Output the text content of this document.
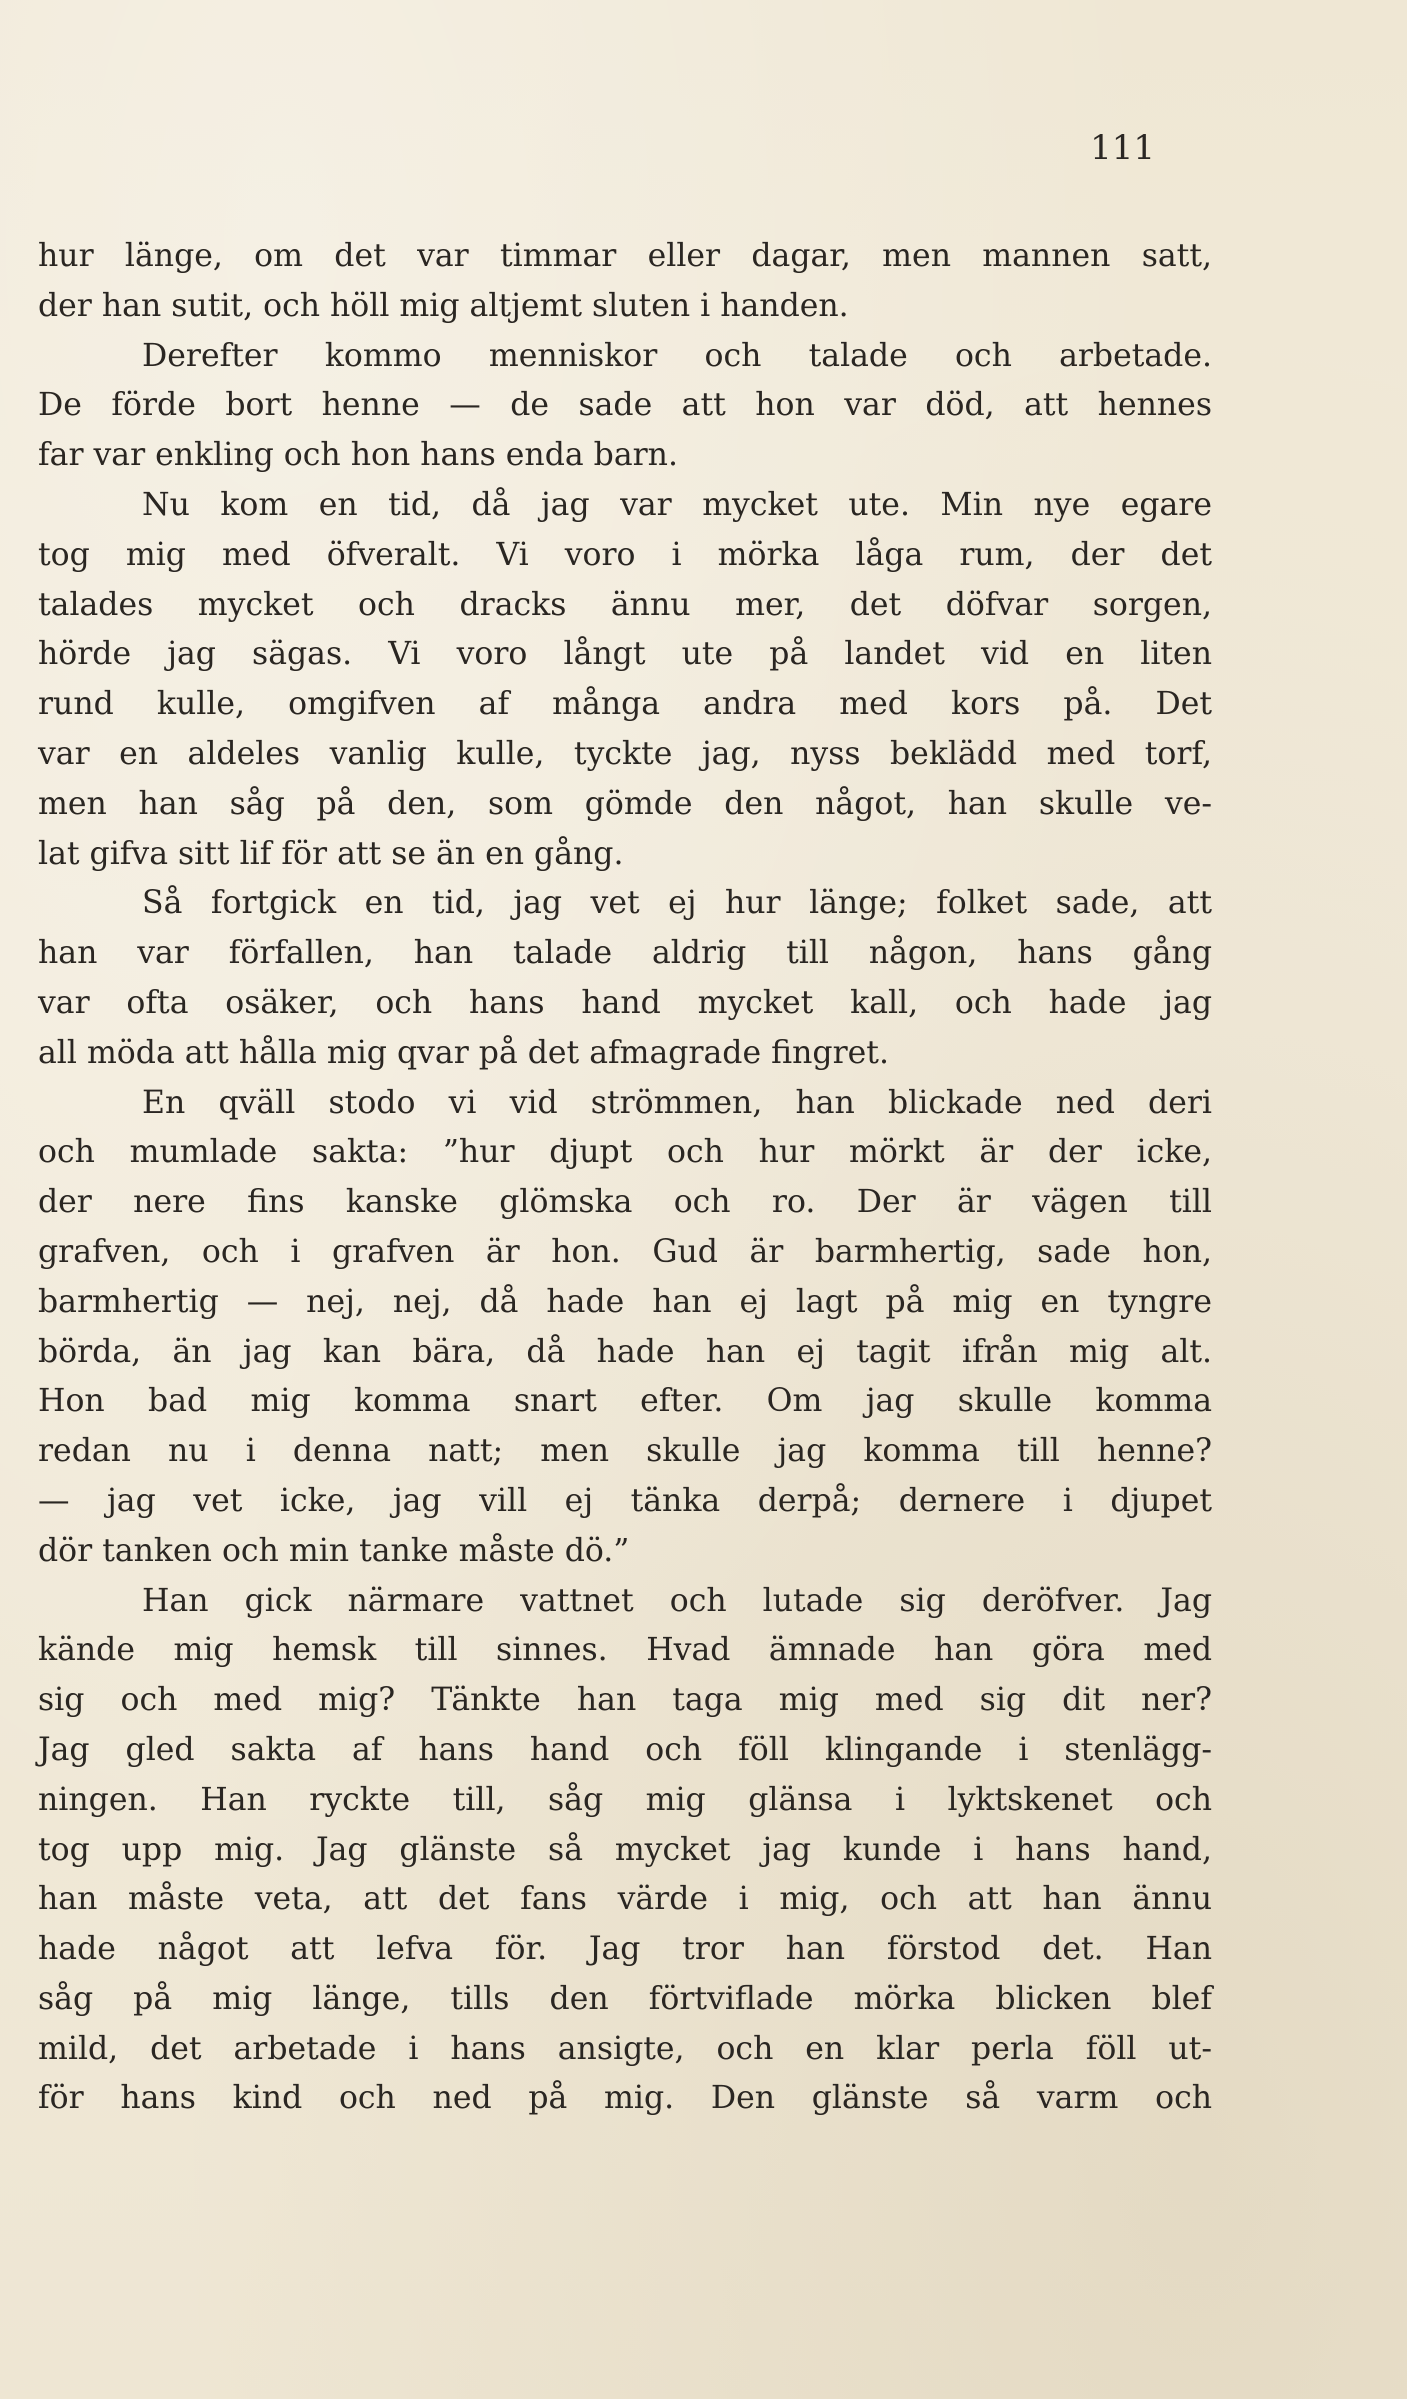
111
hur länge, om det var timmar eller dagar, men mannen satt,
der han sutit, och höll mig altjemt sluten i handen.
Derefter kommo menniskor och talade och arbetade.
De förde bort henne — de sade att hon var död, att hennes
far var enkling och hon hans enda barn.
Nu kom en tid, då jag var mycket ute. Min nye egare
tog mig med öfveralt. Vi voro i mörka låga rum, der det
talades mycket och dracks ännu mer, det döfvar sorgen,
hörde jag sägas. Vi voro långt ute på landet vid en liten
rund kulle, omgifven af många andra med kors på. Det
var en aldeles vanlig kulle, tyckte jag, nyss beklädd med torf,
men han såg på den, som gömde den något, han skulle ve-
lat gifva sitt lif för att se än en gång.
Så fortgick en tid, jag vet ej hur länge; folket sade, att
han var förfallen, han talade aldrig till någon, hans gång
var ofta osäker, och hans hand mycket kall, och hade jag
all möda att hålla mig qvar på det afmagrade fingret.
En qväll stodo vi vid strömmen, han blickade ned deri
och mumlade sakta: ”hur djupt och hur mörkt är der icke,
der nere fins kanske glömska och ro. Der är vägen till
grafven, och i grafven är hon. Gud är barmhertig, sade hon,
barmhertig — nej, nej, då hade han ej lagt på mig en tyngre
börda, än jag kan bära, då hade han ej tagit ifrån mig alt.
Hon bad mig komma snart efter. Om jag skulle komma
redan nu i denna natt; men skulle jag komma till henne?
— jag vet icke, jag vill ej tänka derpå; dernere i djupet
dör tanken och min tanke måste dö.”
Han gick närmare vattnet och lutade sig deröfver. Jag
kände mig hemsk till sinnes. Hvad ämnade han göra med
sig och med mig? Tänkte han taga mig med sig dit ner?
Jag gled sakta af hans hand och föll klingande i stenlägg-
ningen. Han ryckte till, såg mig glänsa i lyktskenet och
tog upp mig. Jag glänste så mycket jag kunde i hans hand,
han måste veta, att det fans värde i mig, och att han ännu
hade något att lefva för. Jag tror han förstod det. Han
såg på mig länge, tills den förtviflade mörka blicken blef
mild, det arbetade i hans ansigte, och en klar perla föll ut-
för hans kind och ned på mig. Den glänste så varm och
